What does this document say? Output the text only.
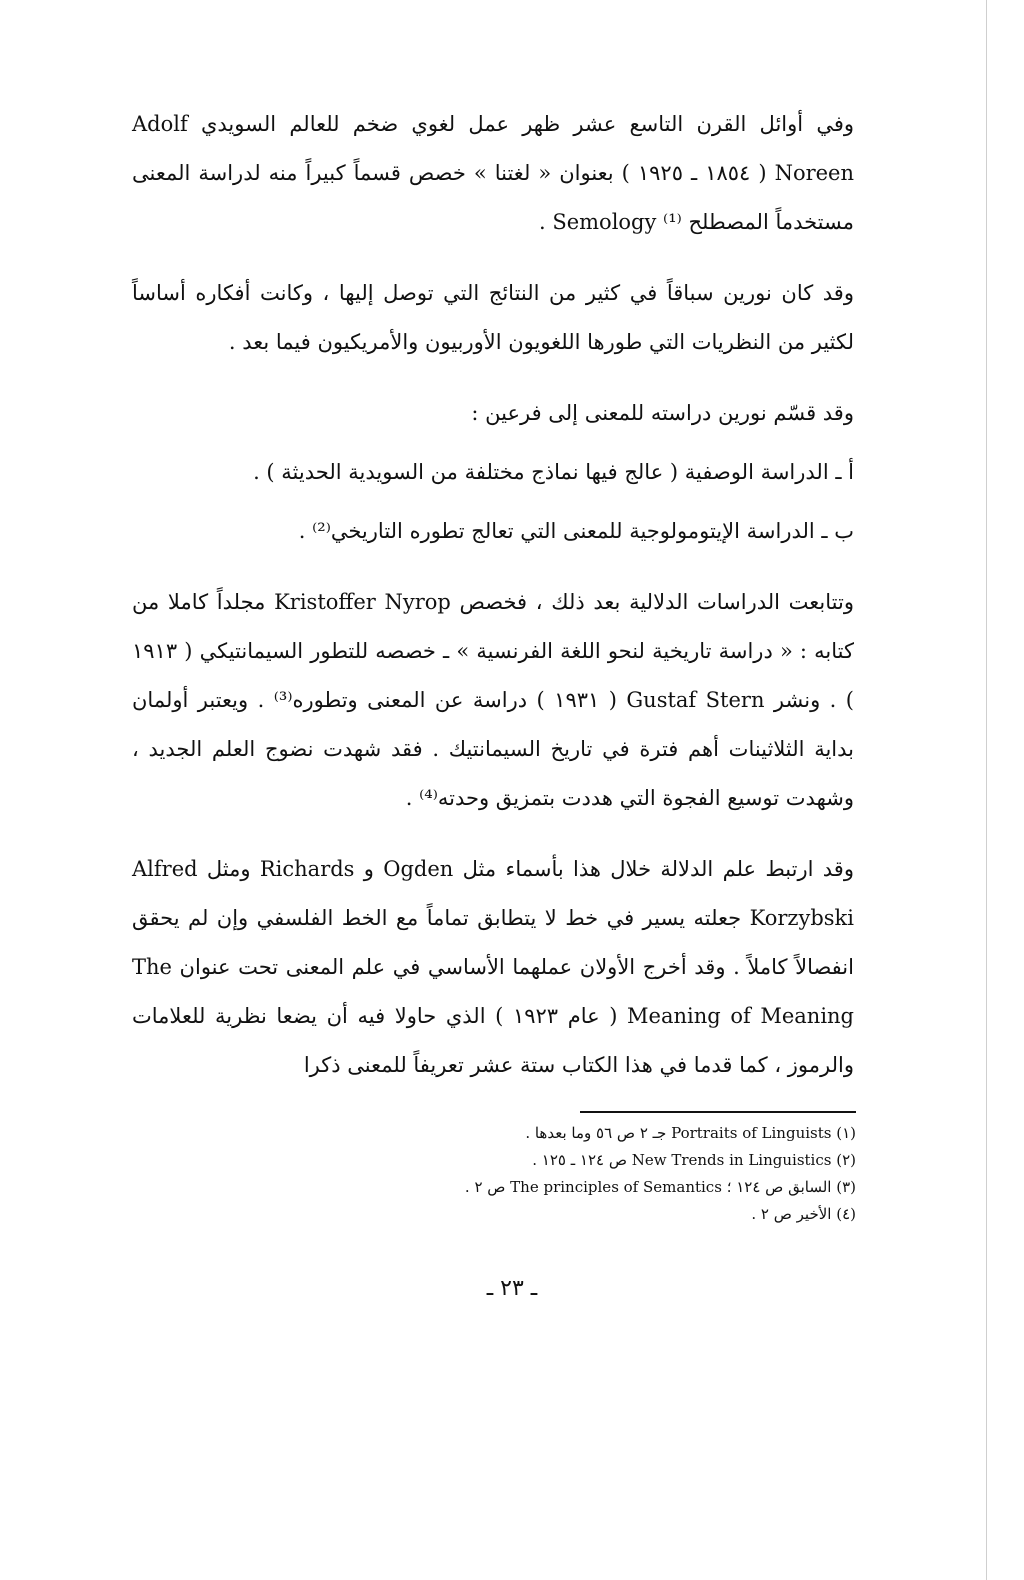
وفي أوائل القرن التاسع عشر ظهر عمل لغوي ضخم للعالم السويدي Adolf Noreen ( ١٨٥٤ ـ ١٩٢٥ ) بعنوان « لغتنا » خصص قسماً كبيراً منه لدراسة المعنى مستخدماً المصطلح Semology ⁽¹⁾ .

وقد كان نورين سباقاً في كثير من النتائج التي توصل إليها ، وكانت أفكاره أساساً لكثير من النظريات التي طورها اللغويون الأوربيون والأمريكيون فيما بعد .

وقد قسّم نورين دراسته للمعنى إلى فرعين :

أ ـ الدراسة الوصفية ( عالج فيها نماذج مختلفة من السويدية الحديثة ) .

ب ـ الدراسة الإيتومولوجية للمعنى التي تعالج تطوره التاريخي⁽²⁾ .

وتتابعت الدراسات الدلالية بعد ذلك ، فخصص Kristoffer Nyrop مجلداً كاملا من كتابه : « دراسة تاريخية لنحو اللغة الفرنسية » ـ خصصه للتطور السيمانتيكي ( ١٩١٣ ) . ونشر Gustaf Stern ( ١٩٣١ ) دراسة عن المعنى وتطوره⁽³⁾ . ويعتبر أولمان بداية الثلاثينات أهم فترة في تاريخ السيمانتيك . فقد شهدت نضوج العلم الجديد ، وشهدت توسيع الفجوة التي هددت بتمزيق وحدته⁽⁴⁾ .

وقد ارتبط علم الدلالة خلال هذا بأسماء مثل Ogden و Richards ومثل Alfred Korzybski جعلته يسير في خط لا يتطابق تماماً مع الخط الفلسفي وإن لم يحقق انفصالاً كاملاً . وقد أخرج الأولان عملهما الأساسي في علم المعنى تحت عنوان The Meaning of Meaning ( عام ١٩٢٣ ) الذي حاولا فيه أن يضعا نظرية للعلامات والرموز ، كما قدما في هذا الكتاب ستة عشر تعريفاً للمعنى ذكرا

(١) Portraits of Linguists جـ ٢ ص ٥٦ وما بعدها .
(٢) New Trends in Linguistics ص ١٢٤ ـ ١٢٥ .
(٣) السابق ص ١٢٤ ؛ The principles of Semantics ص ٢ .
(٤) الأخير ص ٢ .
ـ ٢٣ ـ
